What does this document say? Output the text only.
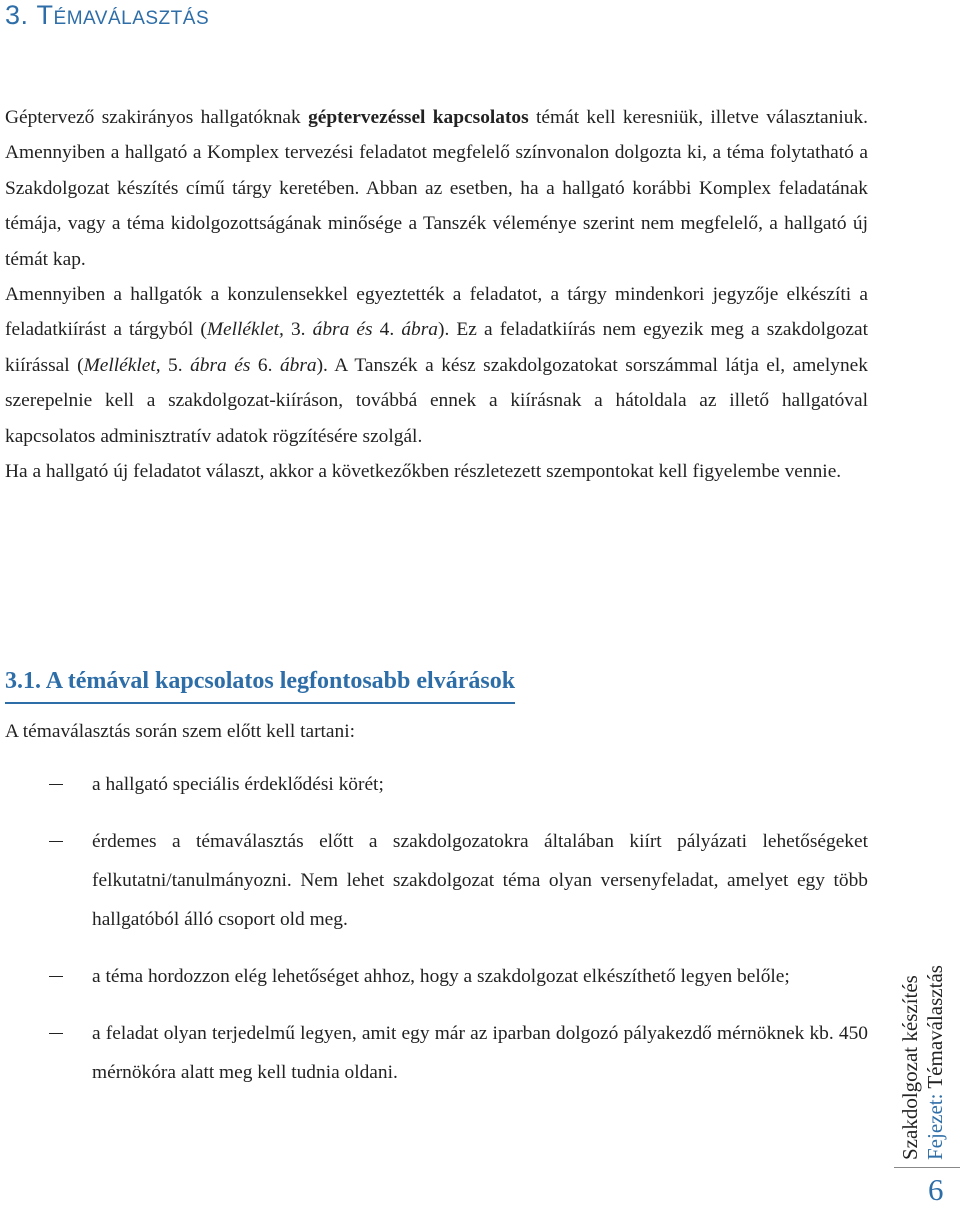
3. Témaválasztás

Géptervező szakirányos hallgatóknak géptervezéssel kapcsolatos témát kell keresniük, illetve választaniuk. Amennyiben a hallgató a Komplex tervezési feladatot megfelelő színvonalon dolgozta ki, a téma folytatható a Szakdolgozat készítés című tárgy keretében. Abban az esetben, ha a hallgató korábbi Komplex feladatának témája, vagy a téma kidolgozottságának minősége a Tanszék véleménye szerint nem megfelelő, a hallgató új témát kap.

Amennyiben a hallgatók a konzulensekkel egyeztették a feladatot, a tárgy mindenkori jegyzője elkészíti a feladatkiírást a tárgyból (Melléklet, 3. ábra és 4. ábra). Ez a feladatkiírás nem egyezik meg a szakdolgozat kiírással (Melléklet, 5. ábra és 6. ábra). A Tanszék a kész szakdolgozatokat sorszámmal látja el, amelynek szerepelnie kell a szakdolgozat-kiíráson, továbbá ennek a kiírásnak a hátoldala az illető hallgatóval kapcsolatos adminisztratív adatok rögzítésére szolgál.

Ha a hallgató új feladatot választ, akkor a következőkben részletezett szempontokat kell figyelembe vennie.

3.1. A témával kapcsolatos legfontosabb elvárások

A témaválasztás során szem előtt kell tartani:

a hallgató speciális érdeklődési körét;
érdemes a témaválasztás előtt a szakdolgozatokra általában kiírt pályázati lehetőségeket felkutatni/tanulmányozni. Nem lehet szakdolgozat téma olyan versenyfeladat, amelyet egy több hallgatóból álló csoport old meg.
a téma hordozzon elég lehetőséget ahhoz, hogy a szakdolgozat elkészíthető legyen belőle;
a feladat olyan terjedelmű legyen, amit egy már az iparban dolgozó pályakezdő mérnöknek kb. 450 mérnökóra alatt meg kell tudnia oldani.	Szakdolgozat készítés Fejezet: Témaválasztás
6
